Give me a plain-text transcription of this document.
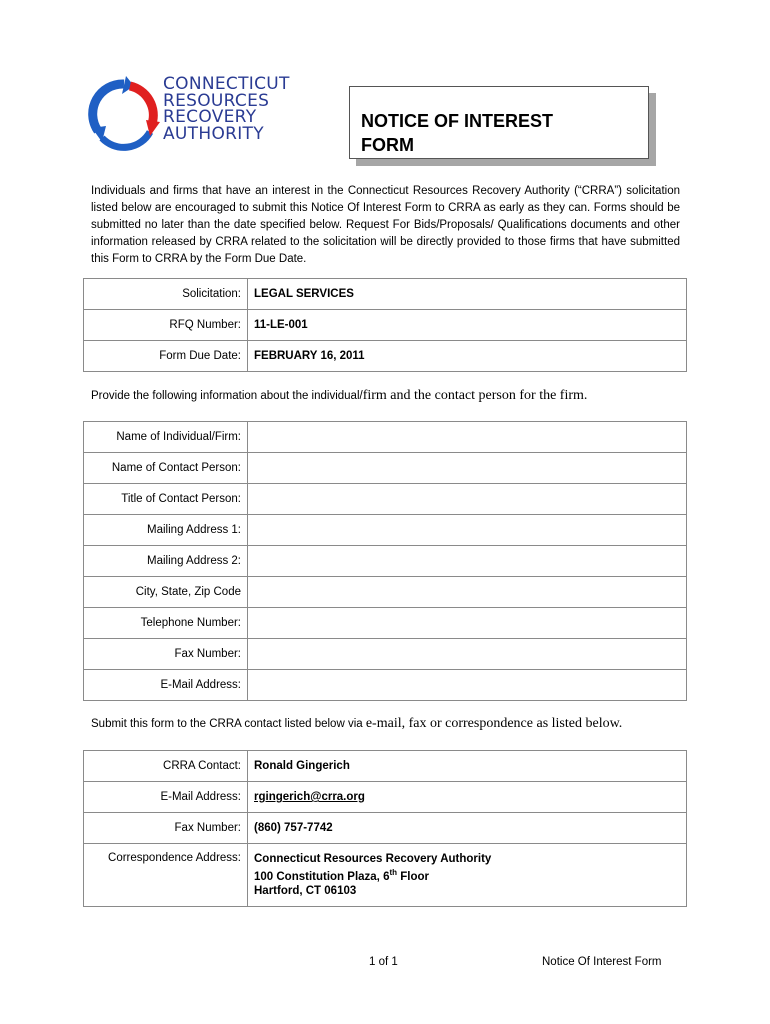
CONNECTICUT
RESOURCES
RECOVERY
AUTHORITY
NOTICE OF INTEREST
FORM
Individuals and firms that have an interest in the Connecticut Resources Recovery Authority (“CRRA”) solicitation listed below are encouraged to submit this Notice Of Interest Form to CRRA as early as they can. Forms should be submitted no later than the date specified below. Request For Bids/Proposals/ Qualifications documents and other information released by CRRA related to the solicitation will be directly provided to those firms that have submitted this Form to CRRA by the Form Due Date.
Solicitation:	LEGAL SERVICES
RFQ Number:	11-LE-001
Form Due Date:	FEBRUARY 16, 2011
Provide the following information about the individual/firm and the contact person for the firm.
Name of Individual/Firm:	
Name of Contact Person:	
Title of Contact Person:	
Mailing Address 1:	
Mailing Address 2:	
City, State, Zip Code	
Telephone Number:	
Fax Number:	
E-Mail Address:	
Submit this form to the CRRA contact listed below via e-mail, fax or correspondence as listed below.
CRRA Contact:	Ronald Gingerich
E-Mail Address:	rgingerich@crra.org
Fax Number:	(860) 757-7742
Correspondence Address:	Connecticut Resources Recovery Authority
100 Constitution Plaza, 6th Floor
Hartford, CT 06103
1 of 1	Notice Of Interest Form
